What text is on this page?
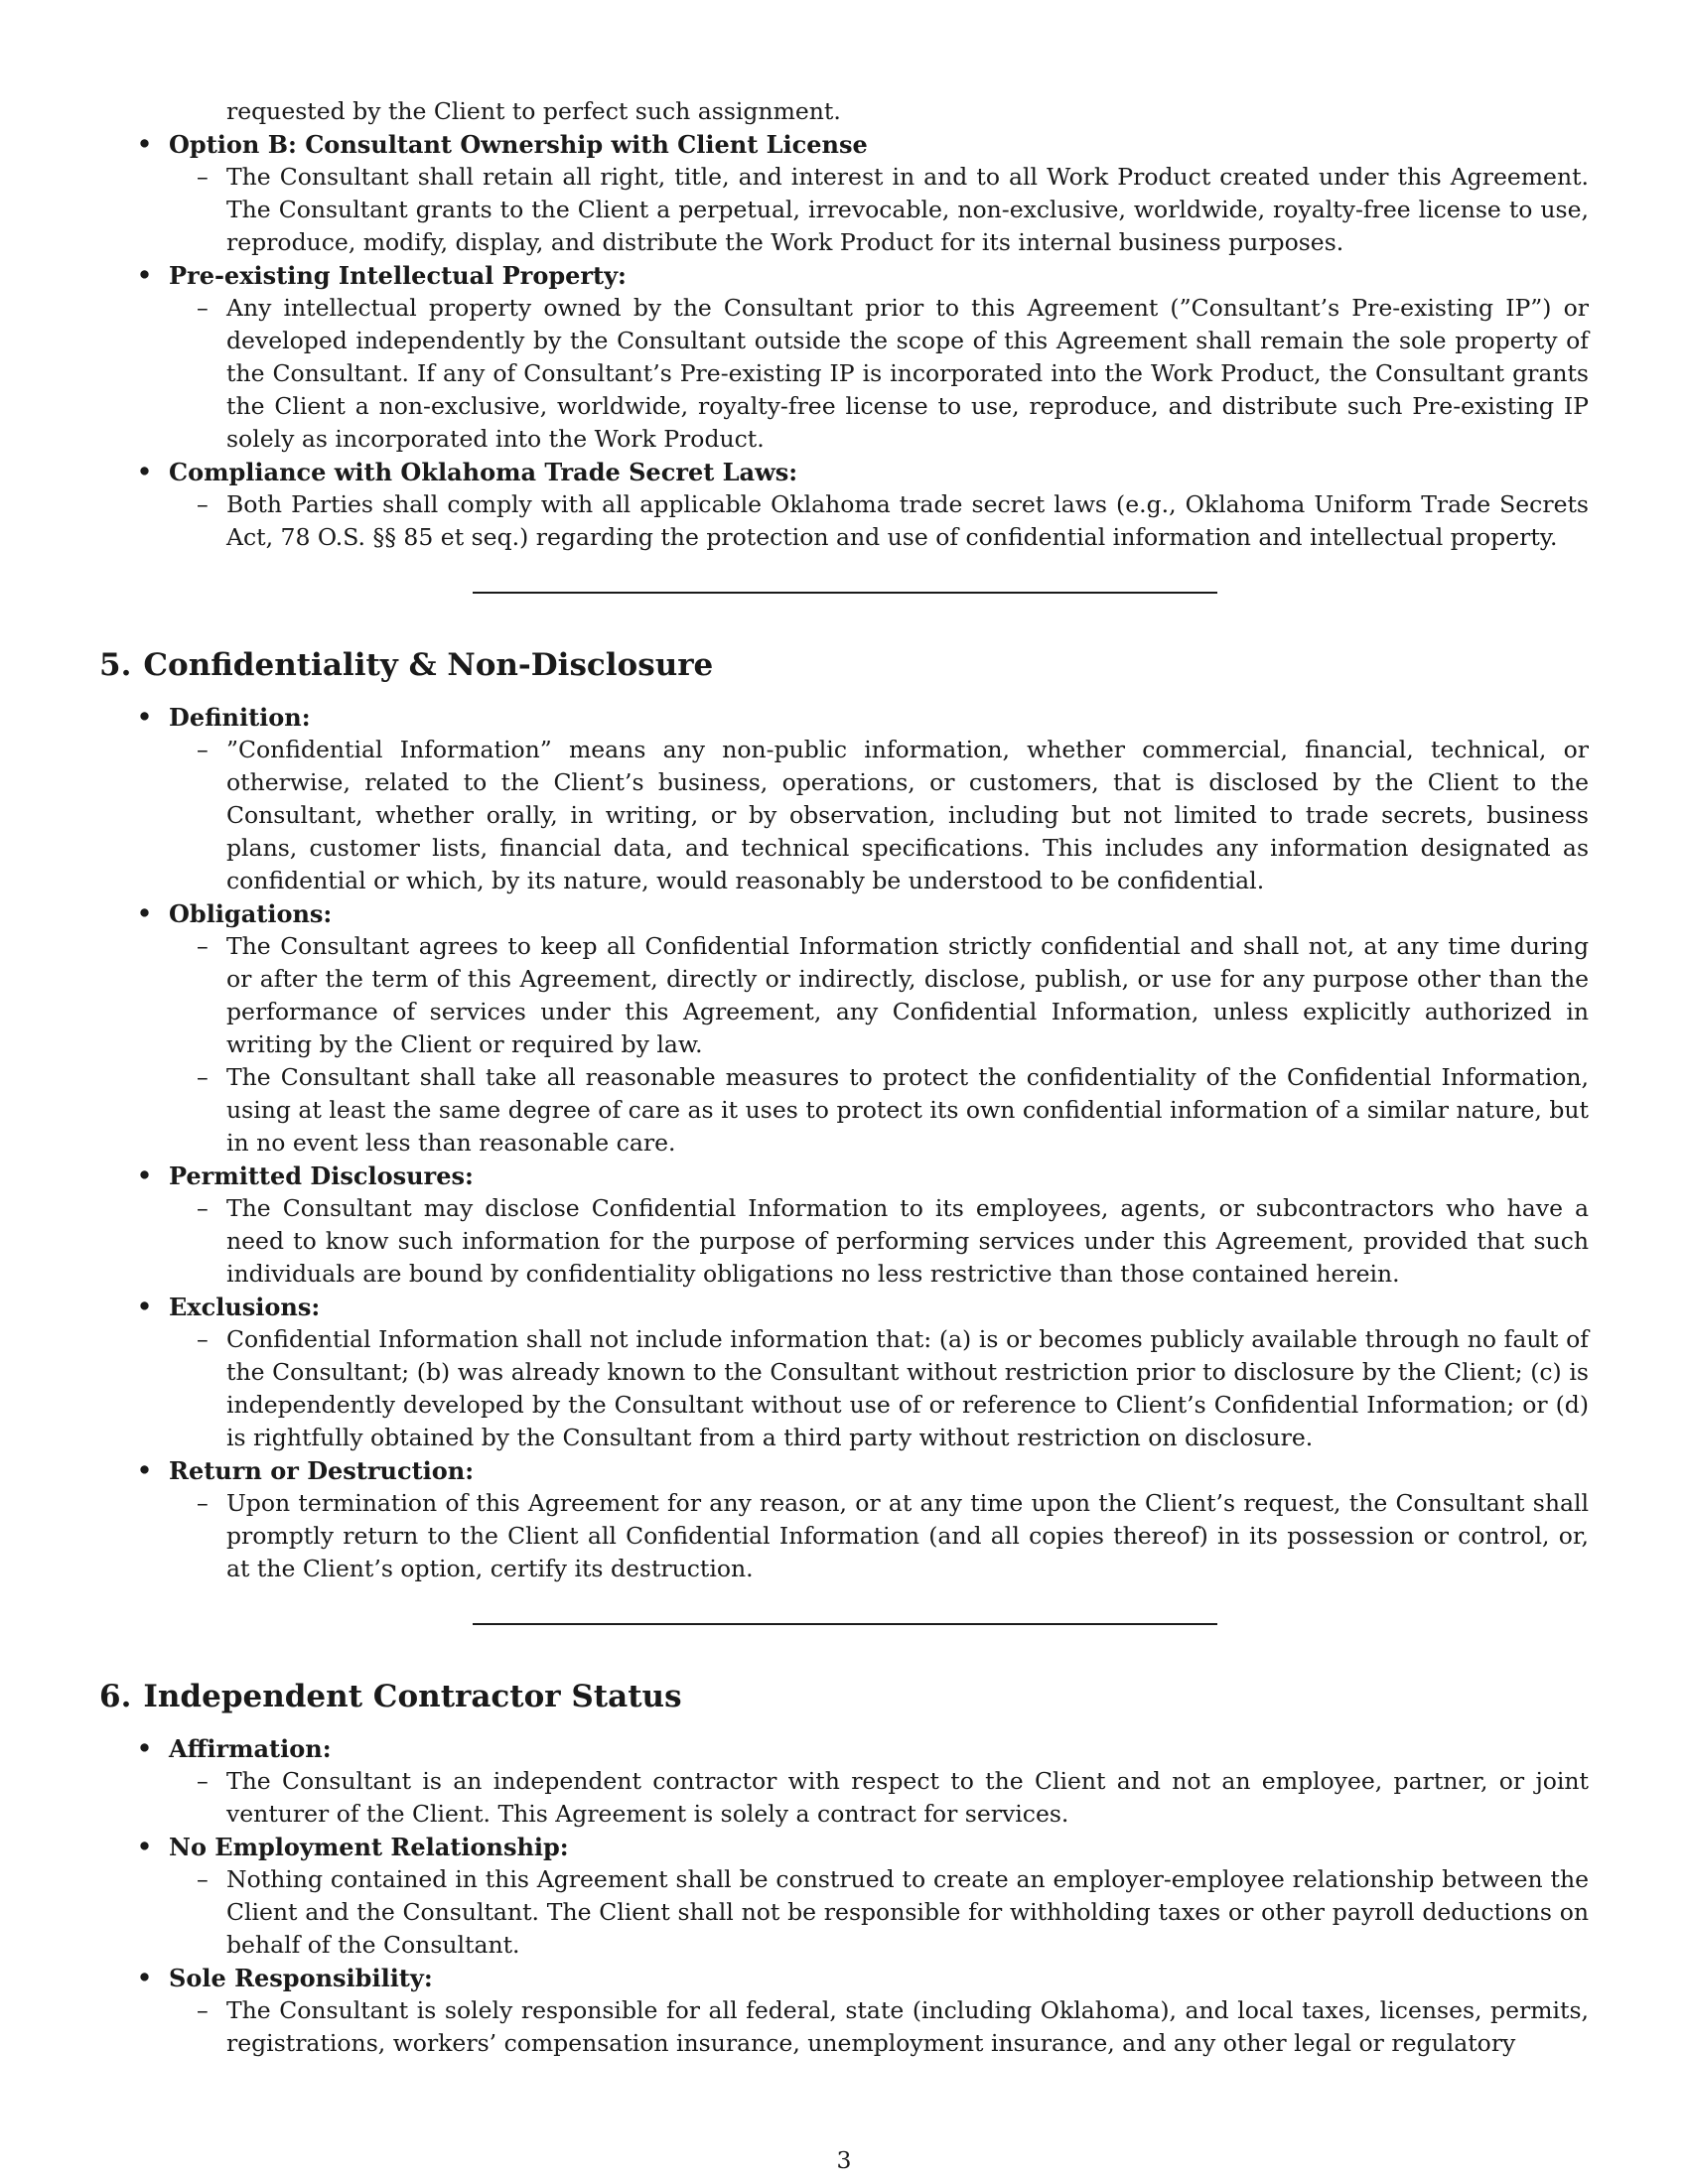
requested by the Client to perfect such assignment.
• Option B: Consultant Ownership with Client License
– The Consultant shall retain all right, title, and interest in and to all Work Product created under this Agreement. The Consultant grants to the Client a perpetual, irrevocable, non-exclusive, worldwide, royalty-free license to use, reproduce, modify, display, and distribute the Work Product for its internal business purposes.
• Pre-existing Intellectual Property:
– Any intellectual property owned by the Consultant prior to this Agreement (”Consultant’s Pre-existing IP”) or developed independently by the Consultant outside the scope of this Agreement shall remain the sole property of the Consultant. If any of Consultant’s Pre-existing IP is incorporated into the Work Product, the Consultant grants the Client a non-exclusive, worldwide, royalty-free license to use, reproduce, and distribute such Pre-existing IP solely as incorporated into the Work Product.
• Compliance with Oklahoma Trade Secret Laws:
– Both Parties shall comply with all applicable Oklahoma trade secret laws (e.g., Oklahoma Uniform Trade Secrets Act, 78 O.S. §§ 85 et seq.) regarding the protection and use of confidential information and intellectual property.
5. Confidentiality & Non-Disclosure
• Definition:
– ”Confidential Information” means any non-public information, whether commercial, financial, technical, or otherwise, related to the Client’s business, operations, or customers, that is disclosed by the Client to the Consultant, whether orally, in writing, or by observation, including but not limited to trade secrets, business plans, customer lists, financial data, and technical specifications. This includes any information designated as confidential or which, by its nature, would reasonably be understood to be confidential.
• Obligations:
– The Consultant agrees to keep all Confidential Information strictly confidential and shall not, at any time during or after the term of this Agreement, directly or indirectly, disclose, publish, or use for any purpose other than the performance of services under this Agreement, any Confidential Information, unless explicitly authorized in writing by the Client or required by law.
– The Consultant shall take all reasonable measures to protect the confidentiality of the Confidential Information, using at least the same degree of care as it uses to protect its own confidential information of a similar nature, but in no event less than reasonable care.
• Permitted Disclosures:
– The Consultant may disclose Confidential Information to its employees, agents, or subcontractors who have a need to know such information for the purpose of performing services under this Agreement, provided that such individuals are bound by confidentiality obligations no less restrictive than those contained herein.
• Exclusions:
– Confidential Information shall not include information that: (a) is or becomes publicly available through no fault of the Consultant; (b) was already known to the Consultant without restriction prior to disclosure by the Client; (c) is independently developed by the Consultant without use of or reference to Client’s Confidential Information; or (d) is rightfully obtained by the Consultant from a third party without restriction on disclosure.
• Return or Destruction:
– Upon termination of this Agreement for any reason, or at any time upon the Client’s request, the Consultant shall promptly return to the Client all Confidential Information (and all copies thereof) in its possession or control, or, at the Client’s option, certify its destruction.
6. Independent Contractor Status
• Affirmation:
– The Consultant is an independent contractor with respect to the Client and not an employee, partner, or joint venturer of the Client. This Agreement is solely a contract for services.
• No Employment Relationship:
– Nothing contained in this Agreement shall be construed to create an employer-employee relationship between the Client and the Consultant. The Client shall not be responsible for withholding taxes or other payroll deductions on behalf of the Consultant.
• Sole Responsibility:
– The Consultant is solely responsible for all federal, state (including Oklahoma), and local taxes, licenses, permits, registrations, workers’ compensation insurance, unemployment insurance, and any other legal or regulatory
3
